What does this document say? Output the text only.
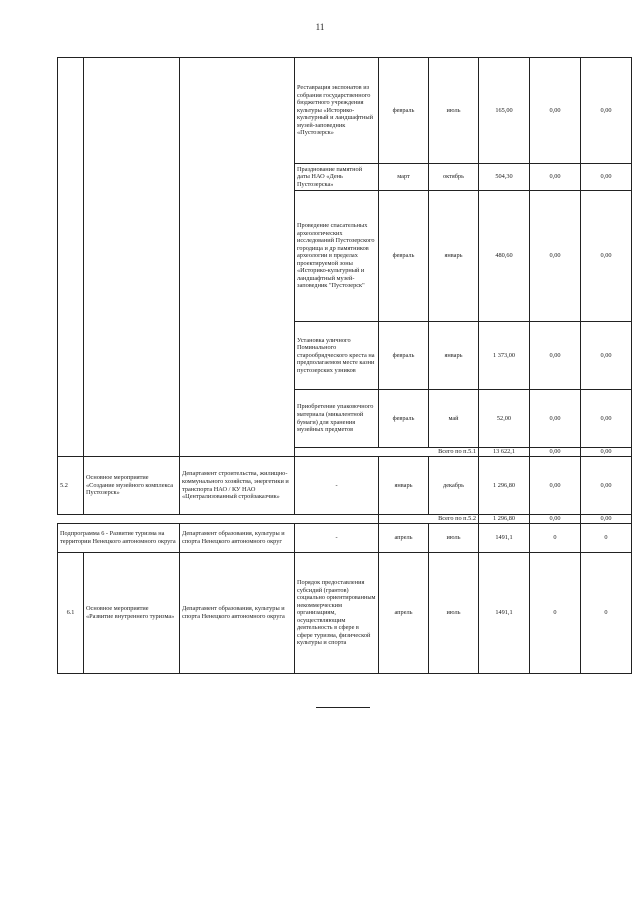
11
			Реставрация экспонатов из собрания государственного бюджетного учреждения культуры «Историко-культурный и ландшафтный музей-заповедник «Пустозерск»	февраль	июль	165,00	0,00	0,00
			Празднование памятной даты НАО «День Пустозерска»	март	октябрь	504,30	0,00	0,00
			Проведение спасательных археологических исследований Пустозерского городища и др памятников археологии в пределах проектируемой зоны «Историко-культурный и ландшафтный музей-заповедник "Пустозерск"	февраль	январь	480,60	0,00	0,00
			Установка уличного Поминального старообрядческого креста на предполагаемом месте казни пустозерских узников	февраль	январь	1 373,00	0,00	0,00
			Приобретение упаковочного материала (микалентной бумаги) для хранения музейных предметов	февраль	май	52,00	0,00	0,00
			Всего по п.5.1			13 622,1	0,00	0,00
5.2	Основное мероприятие «Создание музейного комплекса Пустозерск»	Департамент строительства, жилищно-коммунального хозяйства, энергетики и транспорта НАО / КУ НАО «Централизованный стройзаказчик»	-	январь	декабрь	1 296,80	0,00	0,00
				Всего по п.5.2		1 296,80	0,00	0,00
Подпрограмма 6 - Развитие туризма на территории Ненецкого автономного округа		Департамент образования, культуры и спорта Ненецкого автономного округ	-	апрель	июль	1491,1	0	0
6.1	Основное мероприятие «Развитие внутреннего туризма»	Департамент образования, культуры и спорта Ненецкого автономного округа	Порядок предоставления субсидий (грантов) социально ориентированным некоммерческим организациям, осуществляющим деятельность в сфере в сфере туризма, физической культуры и спорта	апрель	июль	1491,1	0	0
